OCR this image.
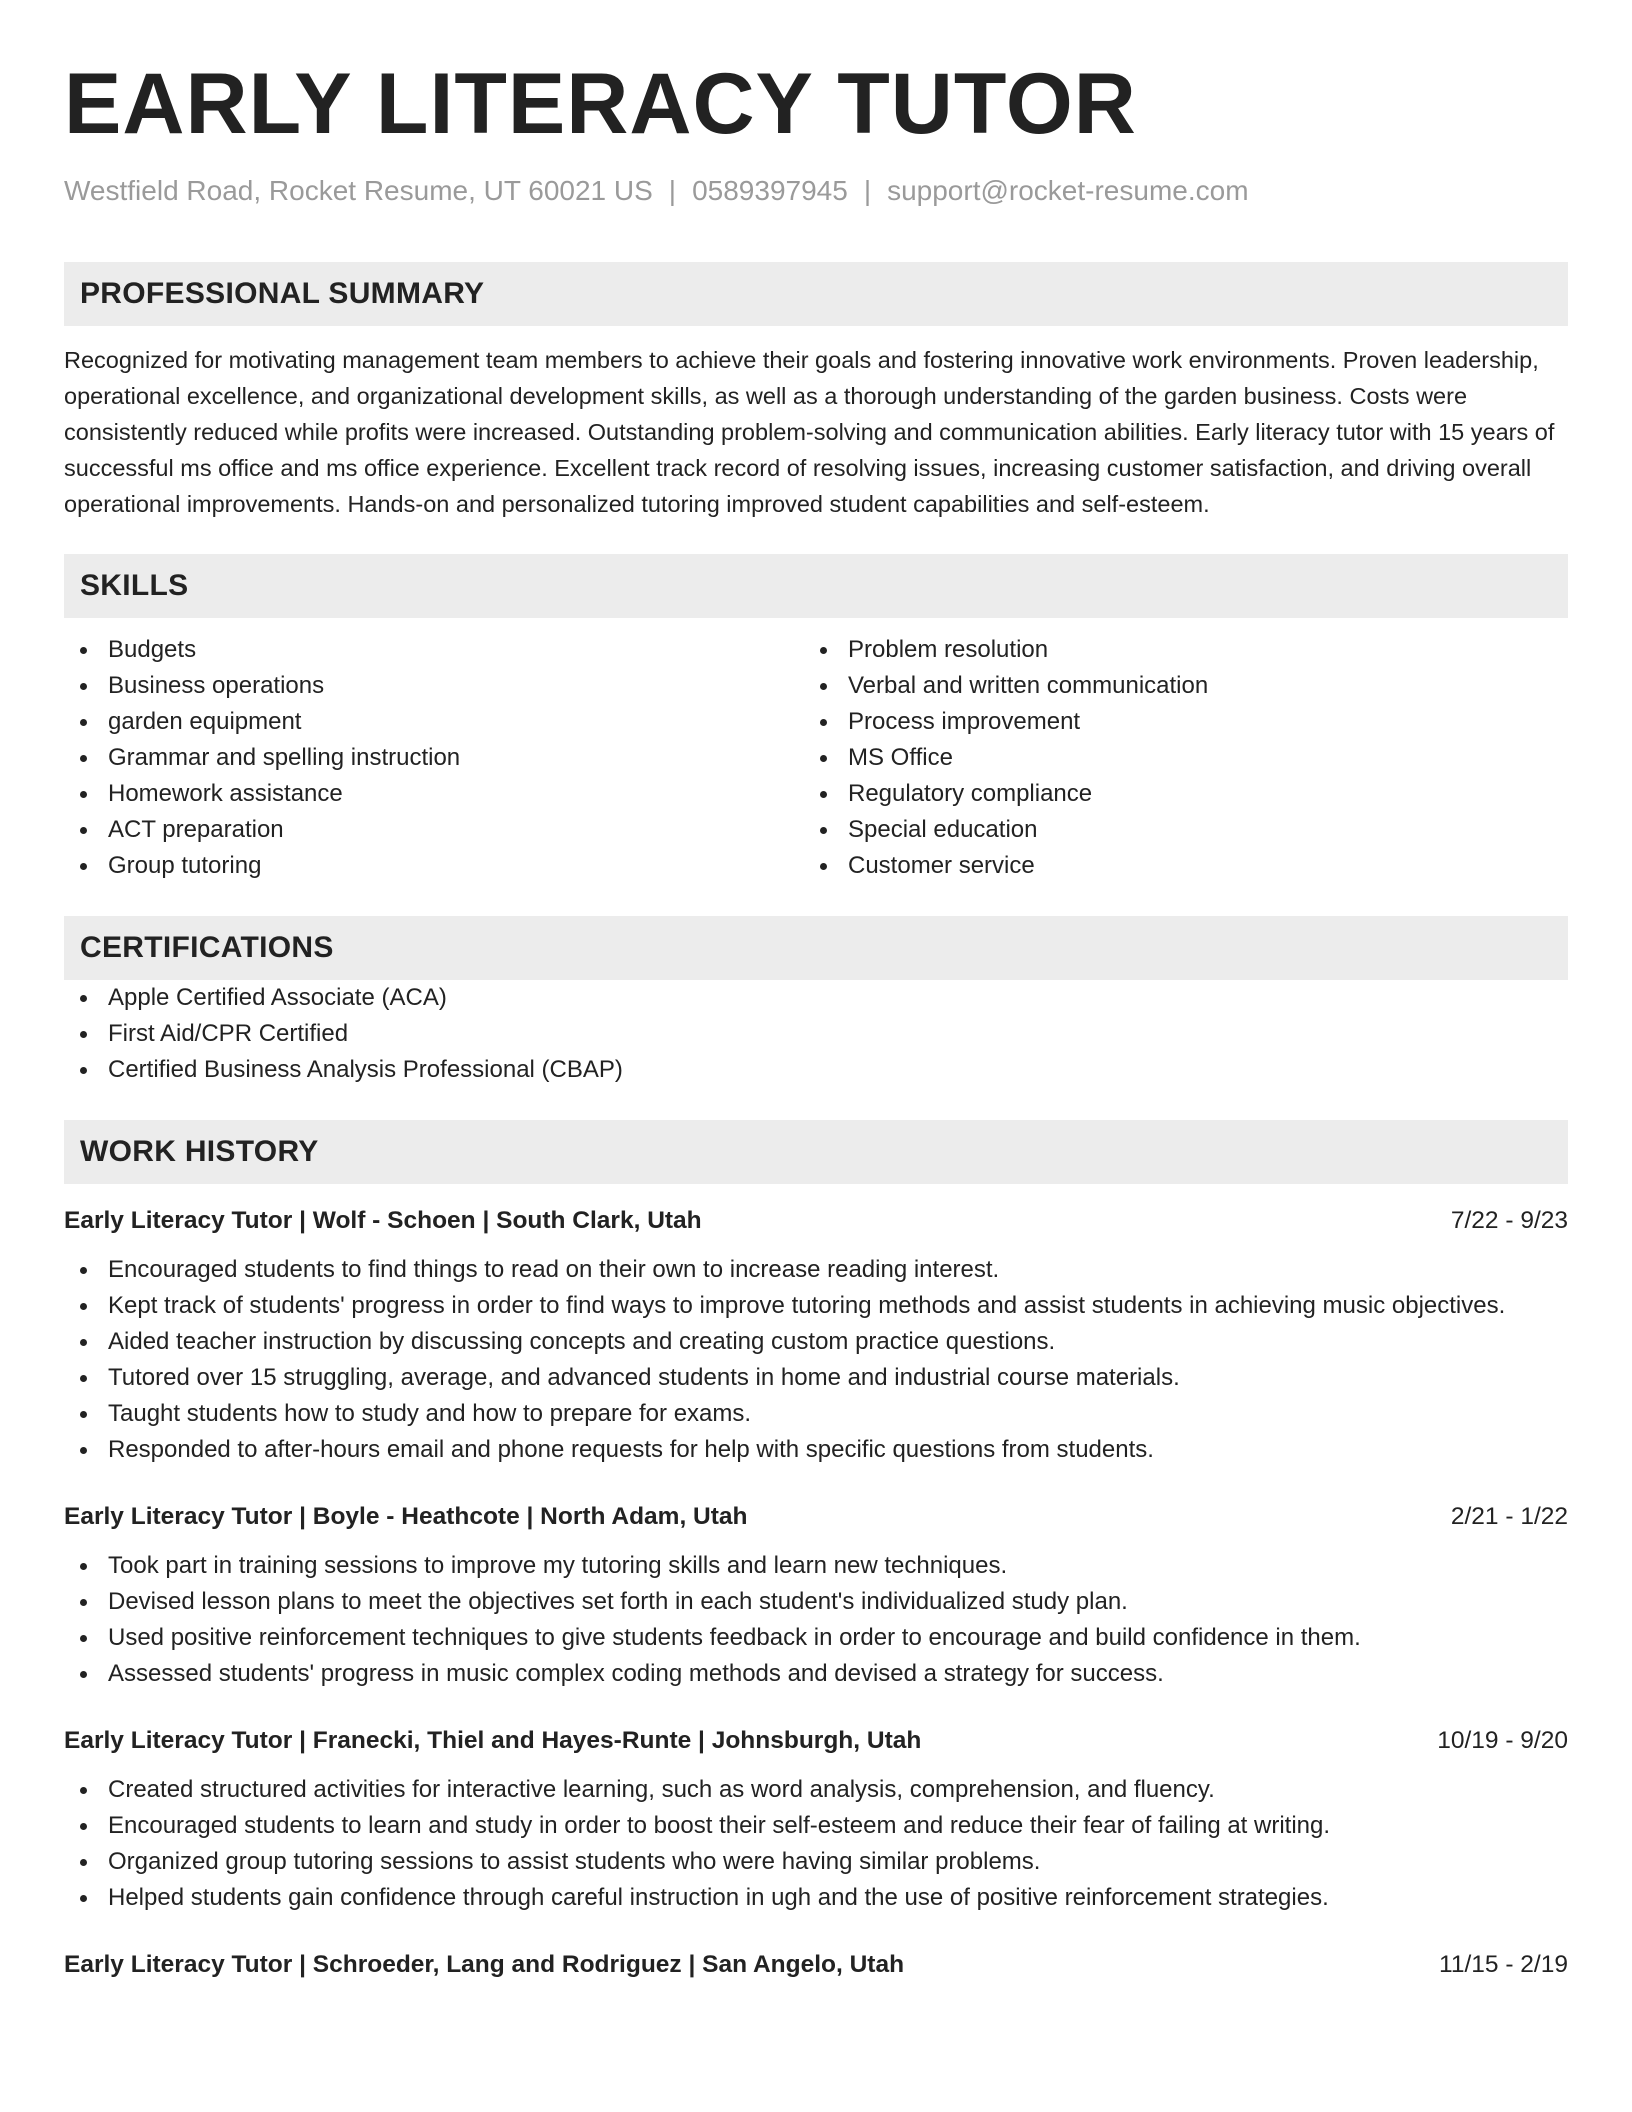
EARLY LITERACY TUTOR
Westfield Road, Rocket Resume, UT 60021 US | 0589397945 | support@rocket-resume.com
PROFESSIONAL SUMMARY
Recognized for motivating management team members to achieve their goals and fostering innovative work environments. Proven leadership, operational excellence, and organizational development skills, as well as a thorough understanding of the garden business. Costs were consistently reduced while profits were increased. Outstanding problem-solving and communication abilities. Early literacy tutor with 15 years of successful ms office and ms office experience. Excellent track record of resolving issues, increasing customer satisfaction, and driving overall operational improvements. Hands-on and personalized tutoring improved student capabilities and self-esteem.
SKILLS
Budgets
Business operations
garden equipment
Grammar and spelling instruction
Homework assistance
ACT preparation
Group tutoring
Problem resolution
Verbal and written communication
Process improvement
MS Office
Regulatory compliance
Special education
Customer service
CERTIFICATIONS
Apple Certified Associate (ACA)
First Aid/CPR Certified
Certified Business Analysis Professional (CBAP)
WORK HISTORY
Early Literacy Tutor | Wolf - Schoen | South Clark, Utah	7/22 - 9/23
Encouraged students to find things to read on their own to increase reading interest.
Kept track of students' progress in order to find ways to improve tutoring methods and assist students in achieving music objectives.
Aided teacher instruction by discussing concepts and creating custom practice questions.
Tutored over 15 struggling, average, and advanced students in home and industrial course materials.
Taught students how to study and how to prepare for exams.
Responded to after-hours email and phone requests for help with specific questions from students.
Early Literacy Tutor | Boyle - Heathcote | North Adam, Utah	2/21 - 1/22
Took part in training sessions to improve my tutoring skills and learn new techniques.
Devised lesson plans to meet the objectives set forth in each student's individualized study plan.
Used positive reinforcement techniques to give students feedback in order to encourage and build confidence in them.
Assessed students' progress in music complex coding methods and devised a strategy for success.
Early Literacy Tutor | Franecki, Thiel and Hayes-Runte | Johnsburgh, Utah	10/19 - 9/20
Created structured activities for interactive learning, such as word analysis, comprehension, and fluency.
Encouraged students to learn and study in order to boost their self-esteem and reduce their fear of failing at writing.
Organized group tutoring sessions to assist students who were having similar problems.
Helped students gain confidence through careful instruction in ugh and the use of positive reinforcement strategies.
Early Literacy Tutor | Schroeder, Lang and Rodriguez | San Angelo, Utah	11/15 - 2/19
